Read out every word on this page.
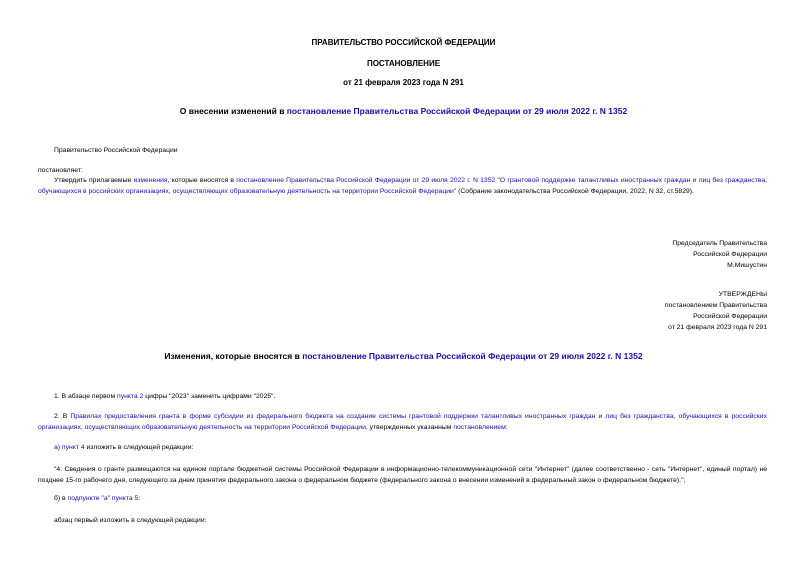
ПРАВИТЕЛЬСТВО РОССИЙСКОЙ ФЕДЕРАЦИИ
ПОСТАНОВЛЕНИЕ
от 21 февраля 2023 года N 291
О внесении изменений в постановление Правительства Российской Федерации от 29 июля 2022 г. N 1352
Правительство Российской Федерации
постановляет:
Утвердить прилагаемые изменения, которые вносятся в постановление Правительства Российской Федерации от 29 июля 2022 г. N 1352 "О грантовой поддержке талантливых иностранных граждан и лиц без гражданства, обучающихся в российских организациях, осуществляющих образовательную деятельность на территории Российской Федерации" (Собрание законодательства Российской Федерации, 2022, N 32, ст.5829).
Председатель Правительства
Российской Федерации
М.Мишустин
УТВЕРЖДЕНЫ
постановлением Правительства
Российской Федерации
от 21 февраля 2023 года N 291
Изменения, которые вносятся в постановление Правительства Российской Федерации от 29 июля 2022 г. N 1352
1. В абзаце первом пункта 2 цифры "2023" заменить цифрами "2025".
2. В Правилах предоставления гранта в форме субсидии из федерального бюджета на создание системы грантовой поддержки талантливых иностранных граждан и лиц без гражданства, обучающихся в российских организациях, осуществляющих образовательную деятельность на территории Российской Федерации, утвержденных указанным постановлением:
а) пункт 4 изложить в следующей редакции:
"4. Сведения о гранте размещаются на едином портале бюджетной системы Российской Федерации в информационно-телекоммуникационной сети "Интернет" (далее соответственно - сеть "Интернет", единый портал) не позднее 15-го рабочего дня, следующего за днем принятия федерального закона о федеральном бюджете (федерального закона о внесении изменений в федеральный закон о федеральном бюджете).";
б) в подпункте "а" пункта 5:
абзац первый изложить в следующей редакции:
